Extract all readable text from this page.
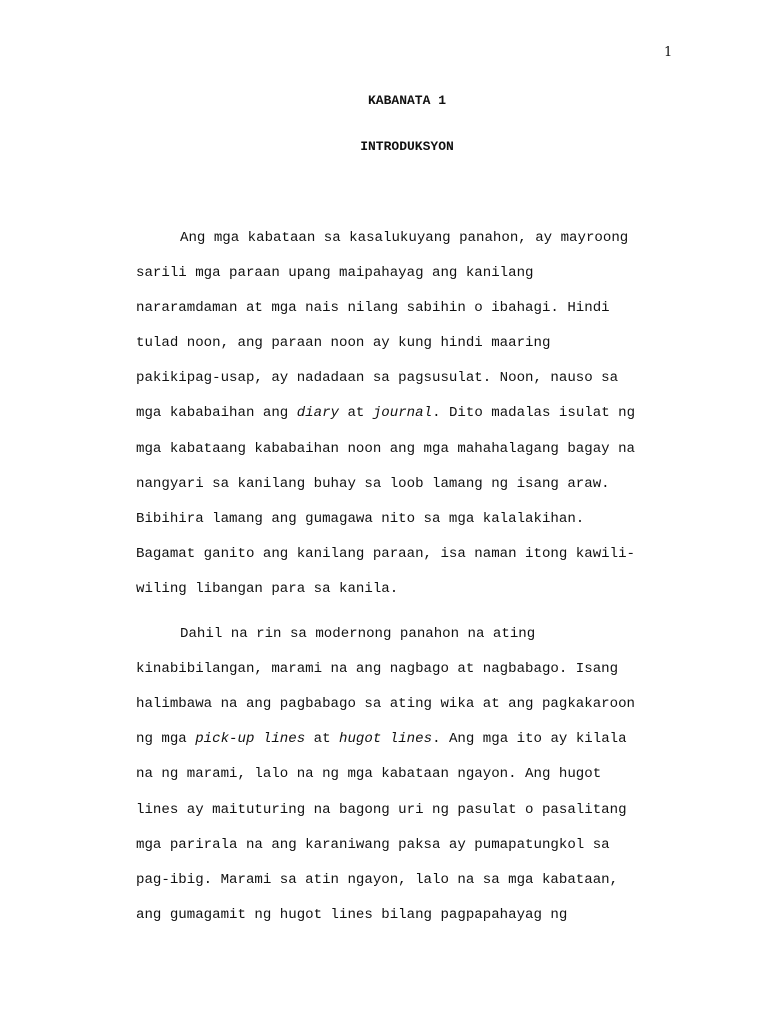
1
KABANATA 1
INTRODUKSYON
Ang mga kabataan sa kasalukuyang panahon, ay mayroong
sarili mga paraan upang maipahayag ang kanilang
nararamdaman at mga nais nilang sabihin o ibahagi. Hindi
tulad noon, ang paraan noon ay kung hindi maaring
pakikipag-usap, ay nadadaan sa pagsusulat. Noon, nauso sa
mga kababaihan ang diary at journal. Dito madalas isulat ng
mga kabataang kababaihan noon ang mga mahahalagang bagay na
nangyari sa kanilang buhay sa loob lamang ng isang araw.
Bibihira lamang ang gumagawa nito sa mga kalalakihan.
Bagamat ganito ang kanilang paraan, isa naman itong kawili-
wiling libangan para sa kanila.
Dahil na rin sa modernong panahon na ating
kinabibilangan, marami na ang nagbago at nagbabago. Isang
halimbawa na ang pagbabago sa ating wika at ang pagkakaroon
ng mga pick-up lines at hugot lines. Ang mga ito ay kilala
na ng marami, lalo na ng mga kabataan ngayon. Ang hugot
lines ay maituturing na bagong uri ng pasulat o pasalitang
mga parirala na ang karaniwang paksa ay pumapatungkol sa
pag-ibig. Marami sa atin ngayon, lalo na sa mga kabataan,
ang gumagamit ng hugot lines bilang pagpapahayag ng
